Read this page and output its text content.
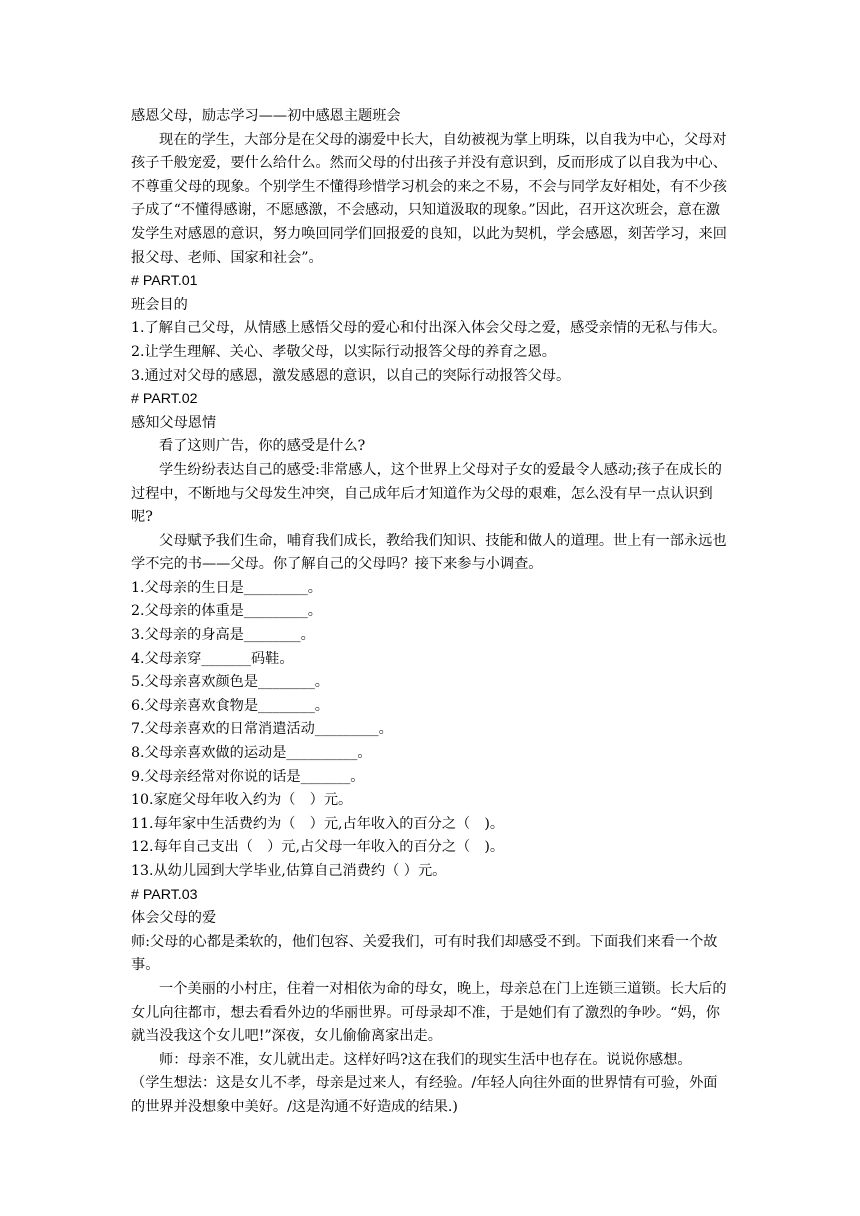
感恩父母，励志学习——初中感恩主题班会

现在的学生，大部分是在父母的溺爱中长大，自幼被视为掌上明珠，以自我为中心，父母对孩子千般宠爱，要什么给什么。然而父母的付出孩子并没有意识到，反而形成了以自我为中心、不尊重父母的现象。个别学生不懂得珍惜学习机会的来之不易，不会与同学友好相处，有不少孩子成了“不懂得感谢，不愿感激，不会感动，只知道汲取的现象。”因此，召开这次班会，意在激发学生对感恩的意识，努力唤回同学们回报爱的良知，以此为契机，学会感恩，刻苦学习，来回报父母、老师、国家和社会”。

# PART.01

班会目的

1.了解自己父母，从情感上感悟父母的爱心和付出深入体会父母之爱，感受亲情的无私与伟大。

2.让学生理解、关心、孝敬父母，以实际行动报答父母的养育之恩。

3.通过对父母的感恩，激发感恩的意识，以自己的突际行动报答父母。

# PART.02

感知父母恩情

看了这则广告，你的感受是什么?

学生纷纷表达自己的感受:非常感人，这个世界上父母对子女的爱最令人感动;孩子在成长的过程中，不断地与父母发生冲突，自己成年后才知道作为父母的艰难，怎么没有早一点认识到呢?

父母赋予我们生命，哺育我们成长，教给我们知识、技能和做人的道理。世上有一部永远也学不完的书——父母。你了解自己的父母吗？接下来参与小调查。

1.父母亲的生日是_________。

2.父母亲的体重是_________。

3.父母亲的身高是________。

4.父母亲穿_______码鞋。

5.父母亲喜欢颜色是________。

6.父母亲喜欢食物是________。

7.父母亲喜欢的日常消遣活动_________。

8.父母亲喜欢做的运动是__________。

9.父母亲经常对你说的话是_______。

10.家庭父母年收入约为（　）元。

11.每年家中生活费约为（　）元,占年收入的百分之（　)。

12.每年自己支出（　）元,占父母一年收入的百分之（　)。

13.从幼儿园到大学毕业,估算自己消费约（ ）元。

# PART.03

体会父母的爱

师:父母的心都是柔软的，他们包容、关爱我们，可有时我们却感受不到。下面我们来看一个故事。

一个美丽的小村庄，住着一对相依为命的母女，晚上，母亲总在门上连锁三道锁。长大后的女儿向往都市，想去看看外边的华丽世界。可母录却不准，于是她们有了激烈的争吵。“妈，你就当没我这个女儿吧!”深夜，女儿偷偷离家出走。

师：母亲不准，女儿就出走。这样好吗?这在我们的现实生活中也存在。说说你感想。

（学生想法：这是女儿不孝，母亲是过来人，有经验。/年轻人向往外面的世界情有可验，外面的世界并没想象中美好。/这是沟通不好造成的结果.)
